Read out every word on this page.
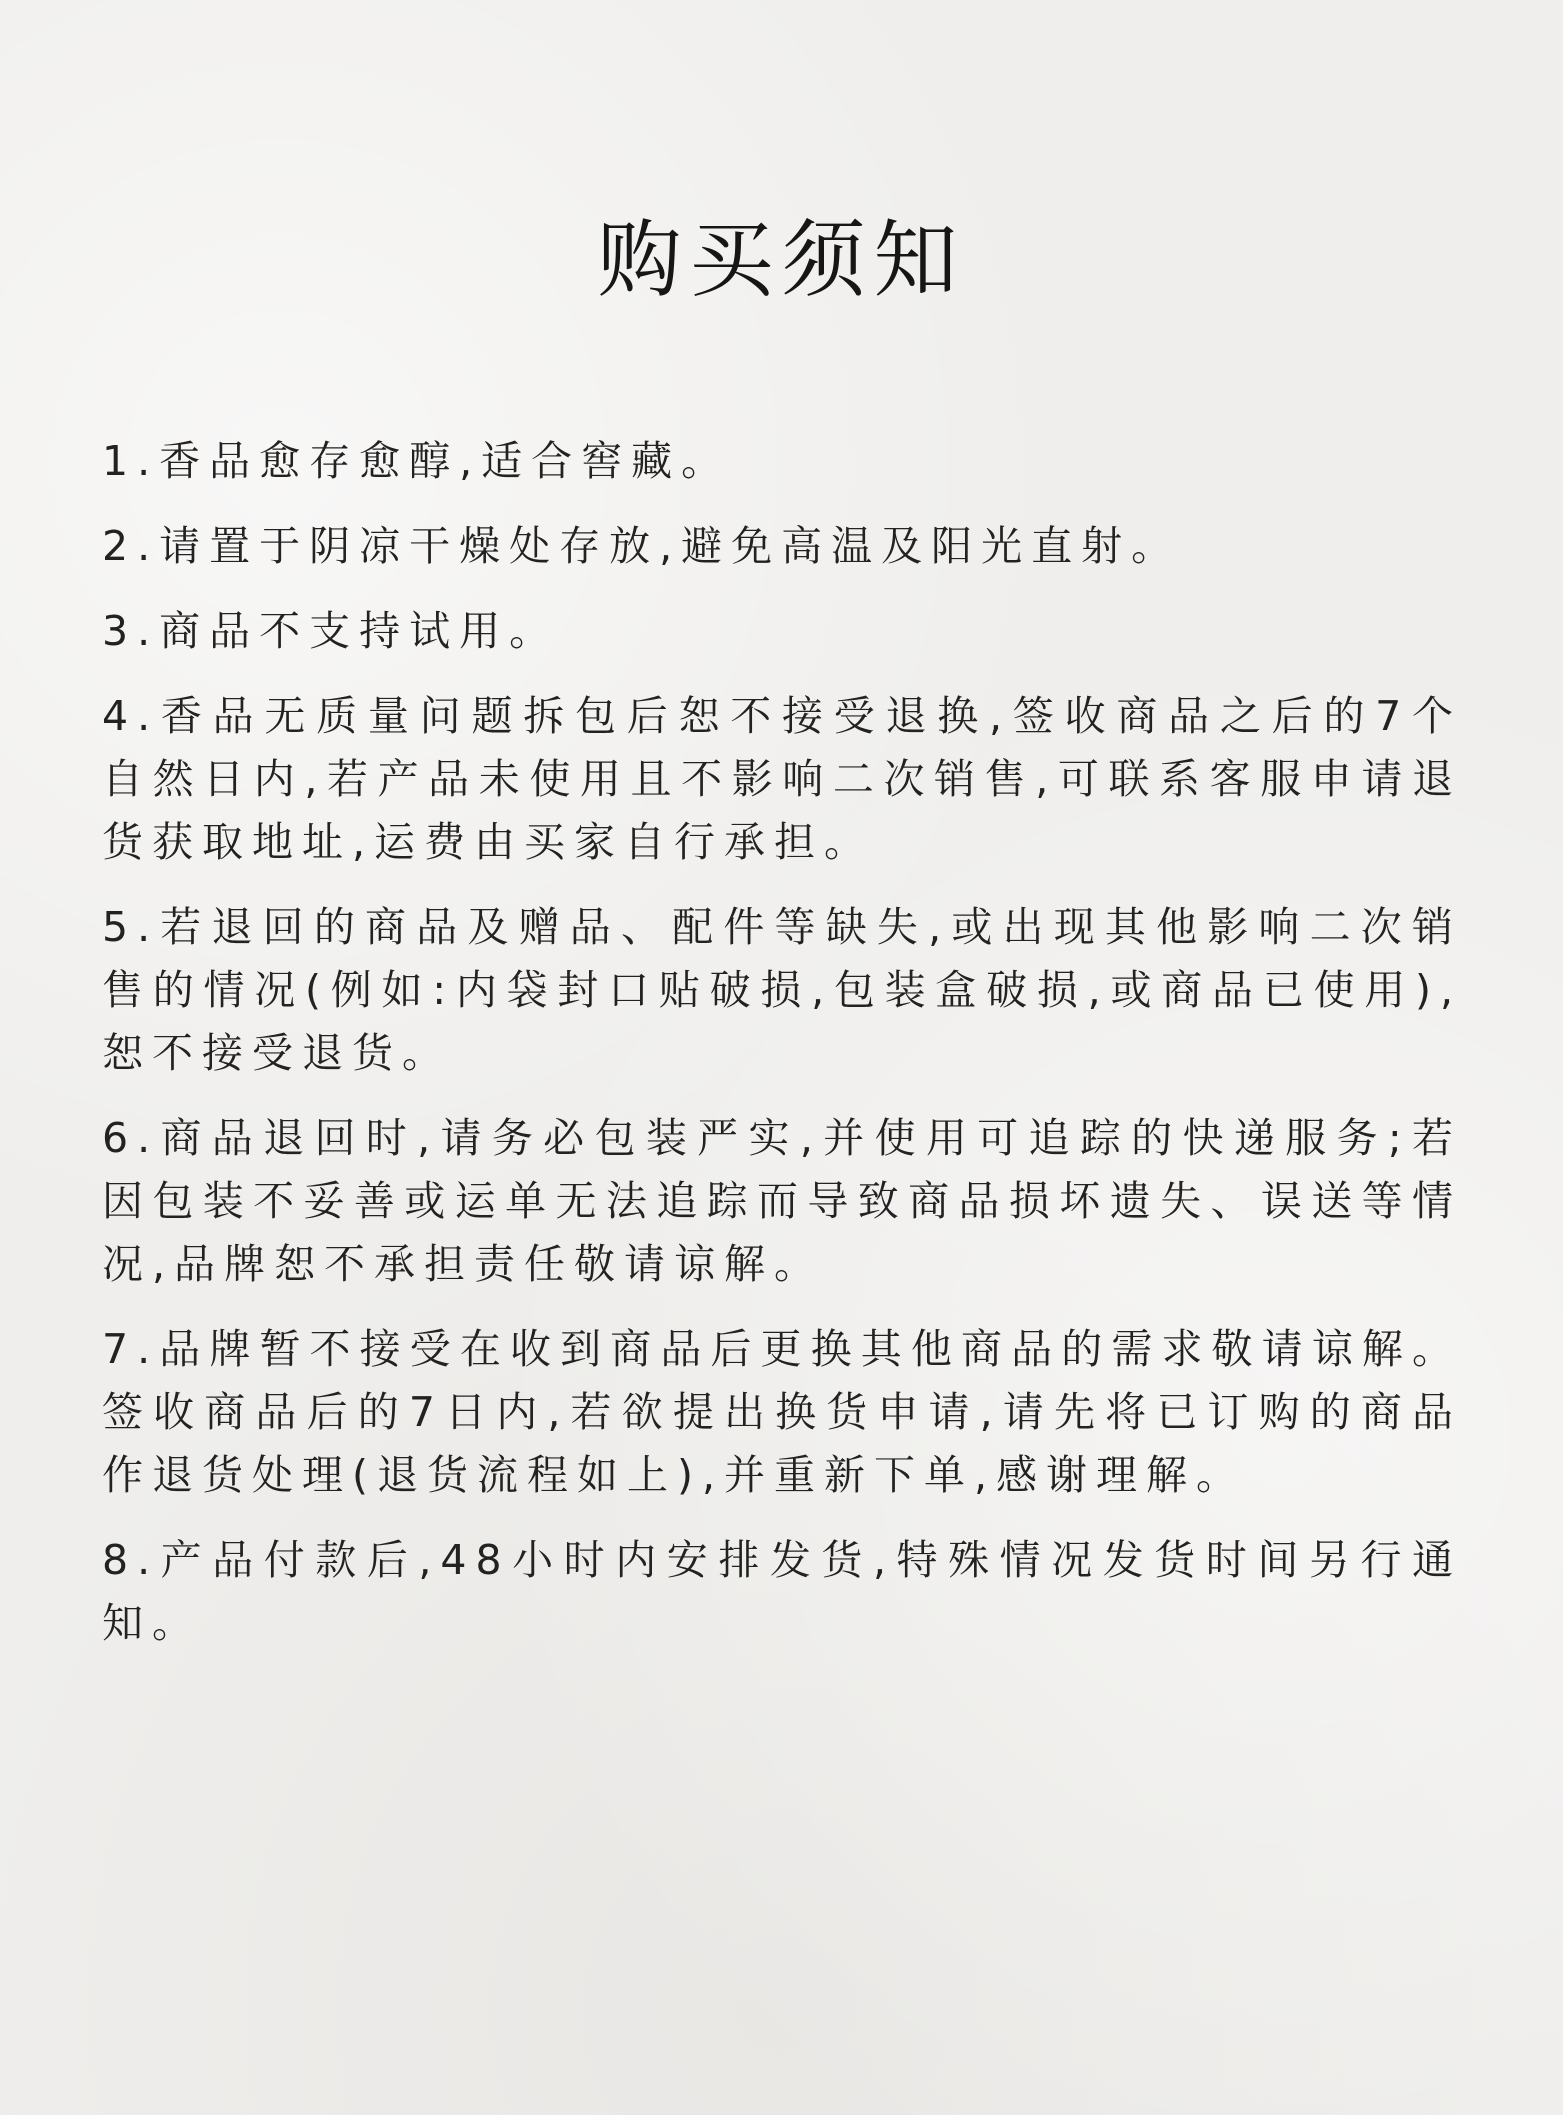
购买须知
1.香品愈存愈醇,适合窖藏。
2.请置于阴凉干燥处存放,避免高温及阳光直射。
3.商品不支持试用。
4.香品无质量问题拆包后恕不接受退换,签收商品之后的7个自然日内,若产品未使用且不影响二次销售,可联系客服申请退货获取地址,运费由买家自行承担。
5.若退回的商品及赠品、配件等缺失,或出现其他影响二次销售的情况(例如:内袋封口贴破损,包装盒破损,或商品已使用),恕不接受退货。
6.商品退回时,请务必包装严实,并使用可追踪的快递服务;若因包装不妥善或运单无法追踪而导致商品损坏遗失、误送等情况,品牌恕不承担责任敬请谅解。
7.品牌暂不接受在收到商品后更换其他商品的需求敬请谅解。签收商品后的7日内,若欲提出换货申请,请先将已订购的商品作退货处理(退货流程如上),并重新下单,感谢理解。
8.产品付款后,48小时内安排发货,特殊情况发货时间另行通知。
